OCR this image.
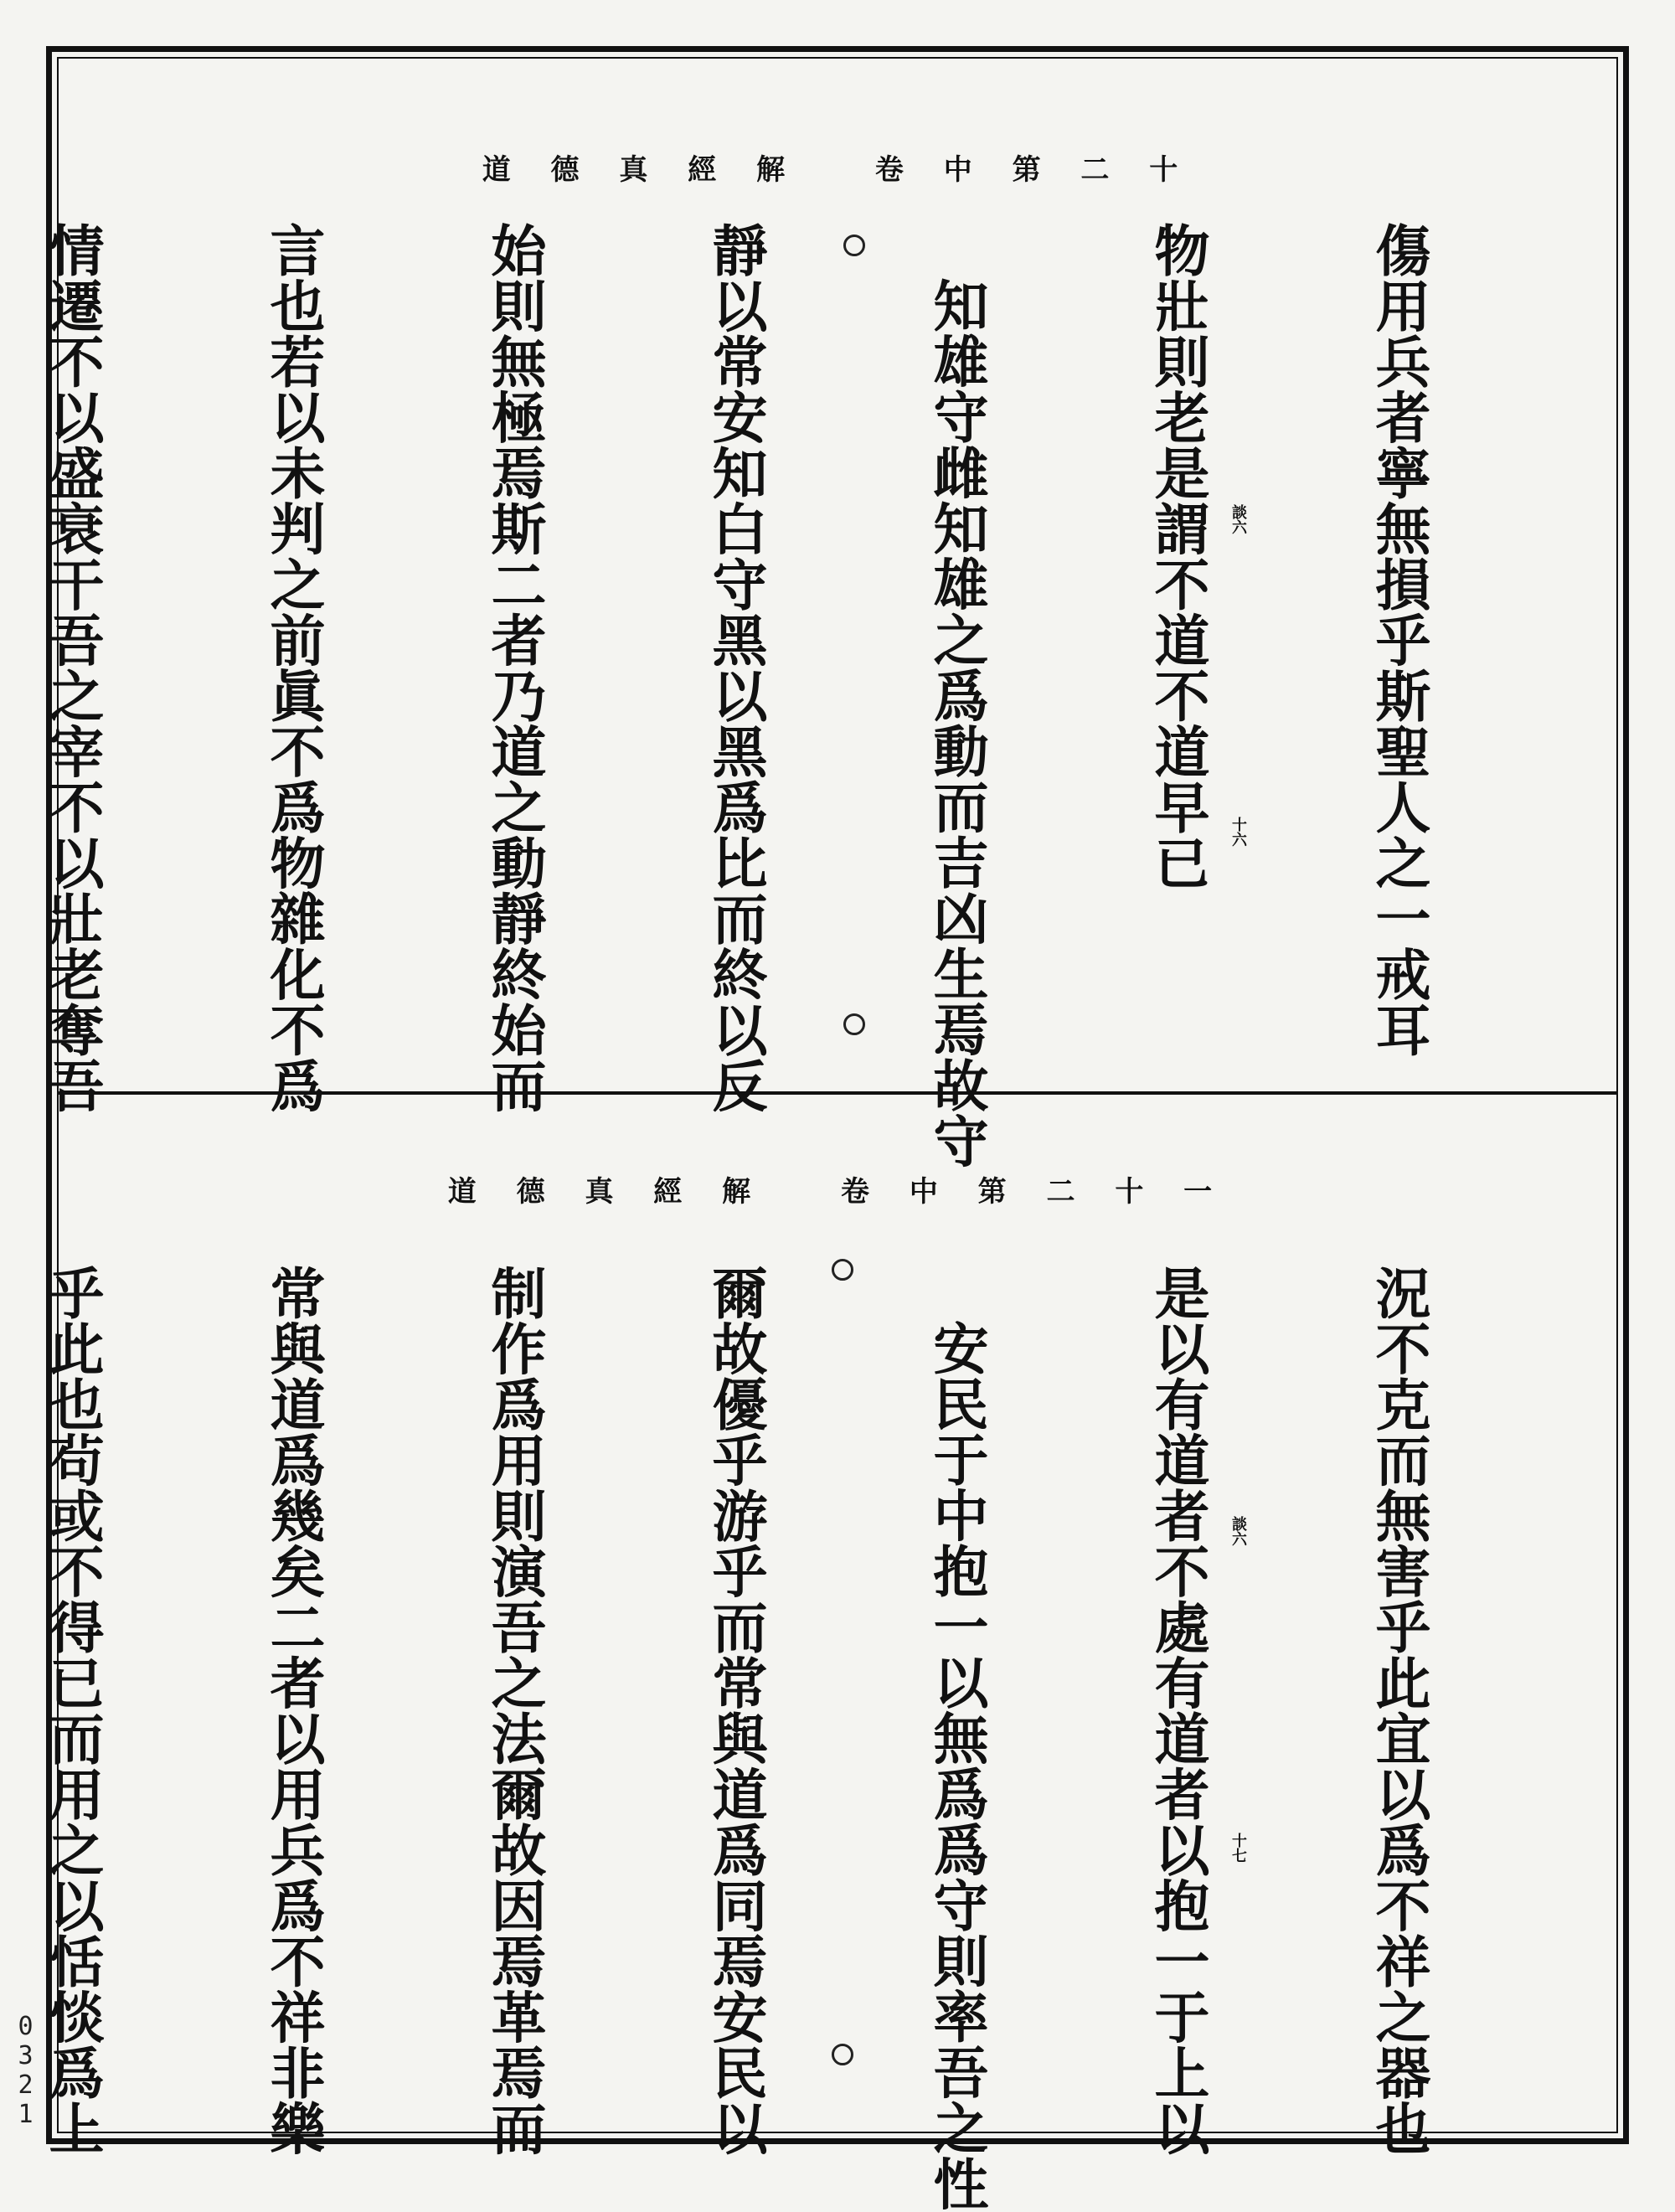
道 德 真 經 解	卷 中 第 二 十
道 德 真 經 解	卷 中 第 二 十 一
談六
十六
談六
十七

傷用兵者寧無損乎斯聖人之一戒耳

物壯則老是謂不道不道早已

知雄守雌知雄之爲動而吉凶生焉故守

靜以常安知白守黑以黑爲比而終以反

始則無極焉斯二者乃道之動靜終始而

言也若以未判之前眞不爲物雜化不爲

情遷不以盛衰干吾之宰不以壯老奪吾

況不克而無害乎此宜以爲不祥之器也

是以有道者不處有道者以抱一于上以

安民于中抱一以無爲爲守則率吾之性

爾故優乎游乎而常與道爲同焉安民以

制作爲用則演吾之法爾故因焉革焉而

常與道爲幾矣二者以用兵爲不祥非樂

乎此也茍或不得已而用之以恬惔爲上

0321
